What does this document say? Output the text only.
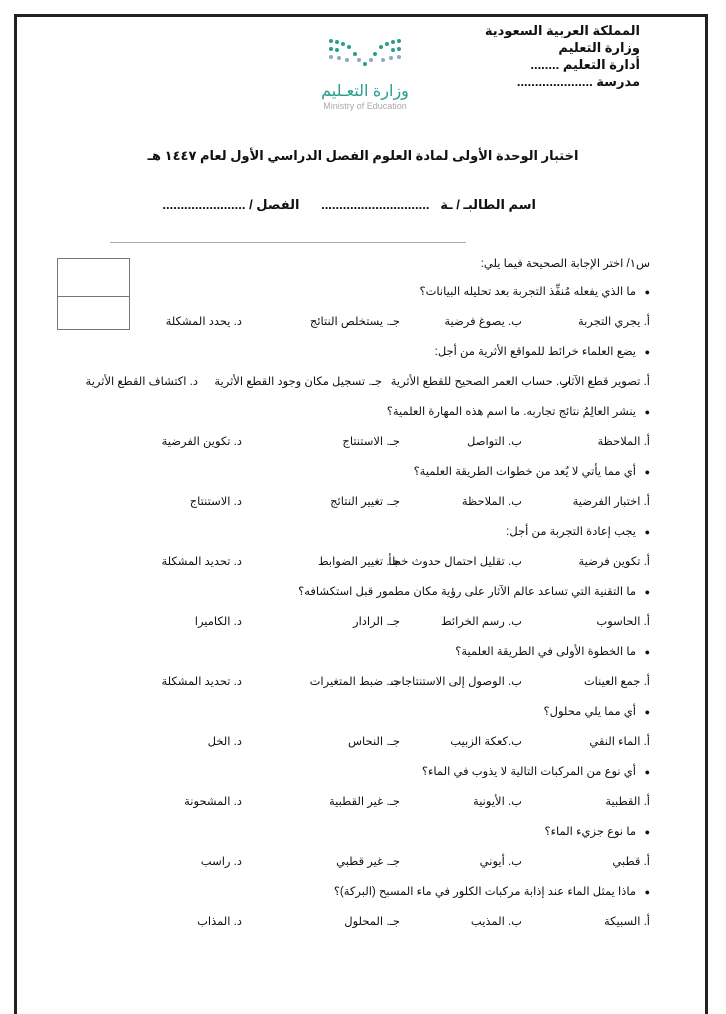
المملكة العربية السعودية
وزارة التعليم
أدارة التعليم ........
مدرسة .....................
وزارة التعـليم
Ministry of Education
اختبار الوحدة الأولى لمادة العلوم الفصل الدراسي الأول لعام ١٤٤٧ هـ
اسم الطالبـ / ـة   ..............................      الفصل / .......................
س١/ اختر الإجابة الصحيحة فيما يلي:
●
ما الذي يفعله مُنفِّذ التجربة بعد تحليله البيانات؟
أ. يجري التجربة
ب. يصوغ فرضية
جـ. يستخلص النتائج
د. يحدد المشكلة
●
يضع العلماء خرائط للمواقع الأثرية من أجل:
أ. تصوير قطع الآثار
ب. حساب العمر الصحيح للقطع الأثرية
جـ. تسجيل مكان وجود القطع الأثرية
د. اكتشاف القطع الأثرية
●
ينشر العالِمُ نتائج تجاربه. ما اسم هذه المهارة العلمية؟
أ. الملاحظة
ب. التواصل
جـ. الاستنتاج
د. تكوين الفرضية
●
أي مما يأتي لا يُعد من خطوات الطريقة العلمية؟
أ. اختبار الفرضية
ب. الملاحظة
جـ. تغيير النتائج
د. الاستنتاج
●
يجب إعادة التجربة من أجل:
أ. تكوين فرضية
ب. تقليل احتمال حدوث خطأ
جـ. تغيير الضوابط
د. تحديد المشكلة
●
ما التقنية التي تساعد عالم الآثار على رؤية مكان مطمور قبل استكشافه؟
أ. الحاسوب
ب. رسم الخرائط
جـ. الرادار
د. الكاميرا
●
ما الخطوة الأولى في الطريقة العلمية؟
أ. جمع العينات
ب. الوصول إلى الاستنتاجات
جـ. ضبط المتغيرات
د. تحديد المشكلة
●
أي مما يلي محلول؟
أ. الماء النقي
ب.كعكة الزبيب
جـ. النحاس
د. الخل
●
أي نوع من المركبات التالية لا يذوب في الماء؟
أ. القطبية
ب. الأيونية
جـ. غير القطبية
د. المشحونة
●
ما نوع جزيء الماء؟
أ. قطبي
ب. أيوني
جـ. غير قطبي
د. راسب
●
ماذا يمثل الماء عند إذابة مركبات الكلور في ماء المسبح (البركة)؟
أ. السبيكة
ب. المذيب
جـ. المحلول
د. المذاب
